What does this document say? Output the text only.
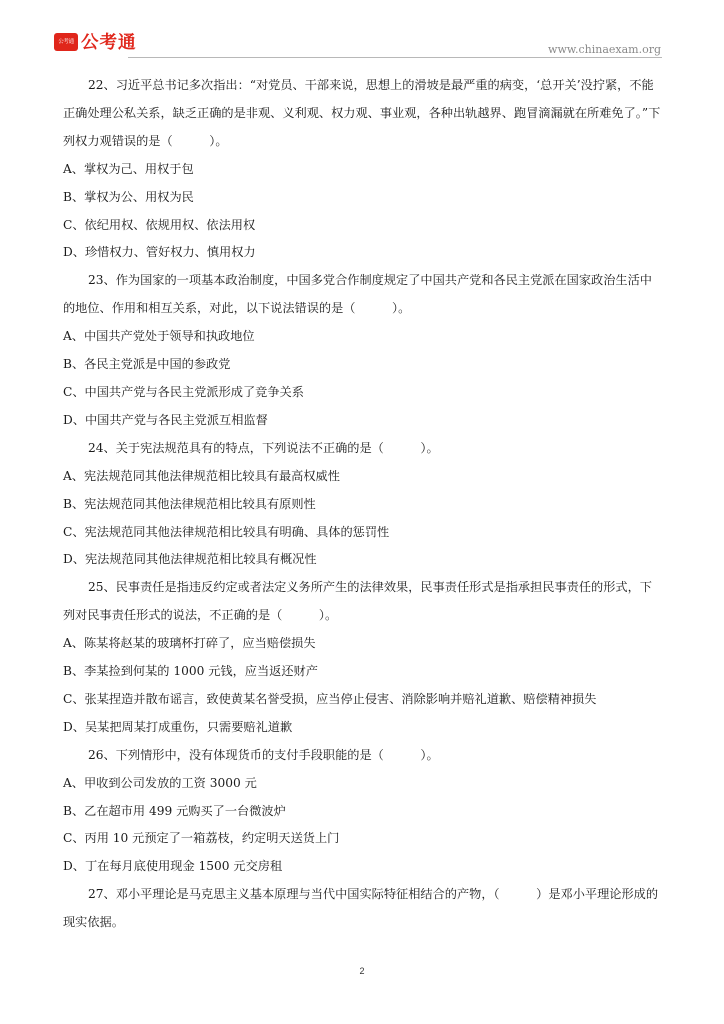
公考通 公考通	www.chinaexam.org

22、习近平总书记多次指出：“对党员、干部来说，思想上的滑坡是最严重的病变，‘总开关’没拧紧，不能正确处理公私关系，缺乏正确的是非观、义利观、权力观、事业观，各种出轨越界、跑冒滴漏就在所难免了。”下列权力观错误的是（　　　）。

A、掌权为己、用权于包

B、掌权为公、用权为民

C、依纪用权、依规用权、依法用权

D、珍惜权力、管好权力、慎用权力

23、作为国家的一项基本政治制度，中国多党合作制度规定了中国共产党和各民主党派在国家政治生活中的地位、作用和相互关系，对此，以下说法错误的是（　　　）。

A、中国共产党处于领导和执政地位

B、各民主党派是中国的参政党

C、中国共产党与各民主党派形成了竞争关系

D、中国共产党与各民主党派互相监督

24、关于宪法规范具有的特点，下列说法不正确的是（　　　）。

A、宪法规范同其他法律规范相比较具有最高权威性

B、宪法规范同其他法律规范相比较具有原则性

C、宪法规范同其他法律规范相比较具有明确、具体的惩罚性

D、宪法规范同其他法律规范相比较具有概况性

25、民事责任是指违反约定或者法定义务所产生的法律效果，民事责任形式是指承担民事责任的形式，下列对民事责任形式的说法，不正确的是（　　　）。

A、陈某将赵某的玻璃杯打碎了，应当赔偿损失

B、李某捡到何某的 1000 元钱，应当返还财产

C、张某捏造并散布谣言，致使黄某名誉受损，应当停止侵害、消除影响并赔礼道歉、赔偿精神损失

D、吴某把周某打成重伤，只需要赔礼道歉

26、下列情形中，没有体现货币的支付手段职能的是（　　　）。

A、甲收到公司发放的工资 3000 元

B、乙在超市用 499 元购买了一台微波炉

C、丙用 10 元预定了一箱荔枝，约定明天送货上门

D、丁在每月底使用现金 1500 元交房租

27、邓小平理论是马克思主义基本原理与当代中国实际特征相结合的产物，（　　　）是邓小平理论形成的现实依据。

2
